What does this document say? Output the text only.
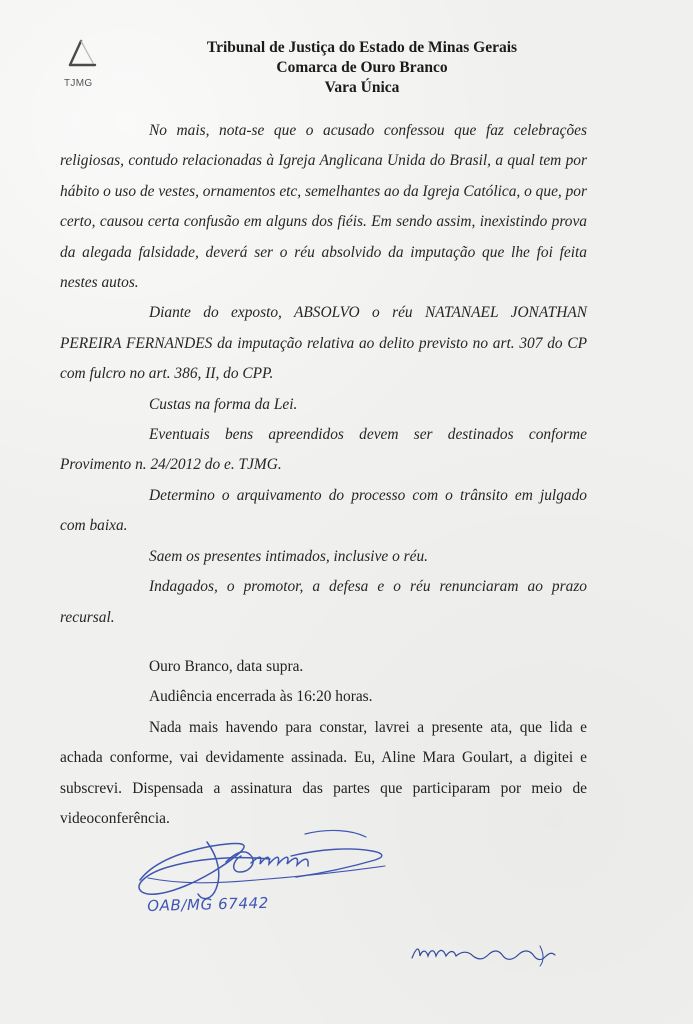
TJMG
Tribunal de Justiça do Estado de Minas Gerais
Comarca de Ouro Branco
Vara Única

No mais, nota-se que o acusado confessou que faz celebrações religiosas, contudo relacionadas à Igreja Anglicana Unida do Brasil, a qual tem por hábito o uso de vestes, ornamentos etc, semelhantes ao da Igreja Católica, o que, por certo, causou certa confusão em alguns dos fiéis. Em sendo assim, inexistindo prova da alegada falsidade, deverá ser o réu absolvido da imputação que lhe foi feita nestes autos.

Diante do exposto, ABSOLVO o réu NATANAEL JONATHAN PEREIRA FERNANDES da imputação relativa ao delito previsto no art. 307 do CP com fulcro no art. 386, II, do CPP.

Custas na forma da Lei.

Eventuais bens apreendidos devem ser destinados conforme Provimento n. 24/2012 do e. TJMG.

Determino o arquivamento do processo com o trânsito em julgado com baixa.

Saem os presentes intimados, inclusive o réu.

Indagados, o promotor, a defesa e o réu renunciaram ao prazo recursal.

Ouro Branco, data supra.

Audiência encerrada às 16:20 horas.

Nada mais havendo para constar, lavrei a presente ata, que lida e achada conforme, vai devidamente assinada. Eu, Aline Mara Goulart, a digitei e subscrevi. Dispensada a assinatura das partes que participaram por meio de videoconferência.

OAB/MG 67442
